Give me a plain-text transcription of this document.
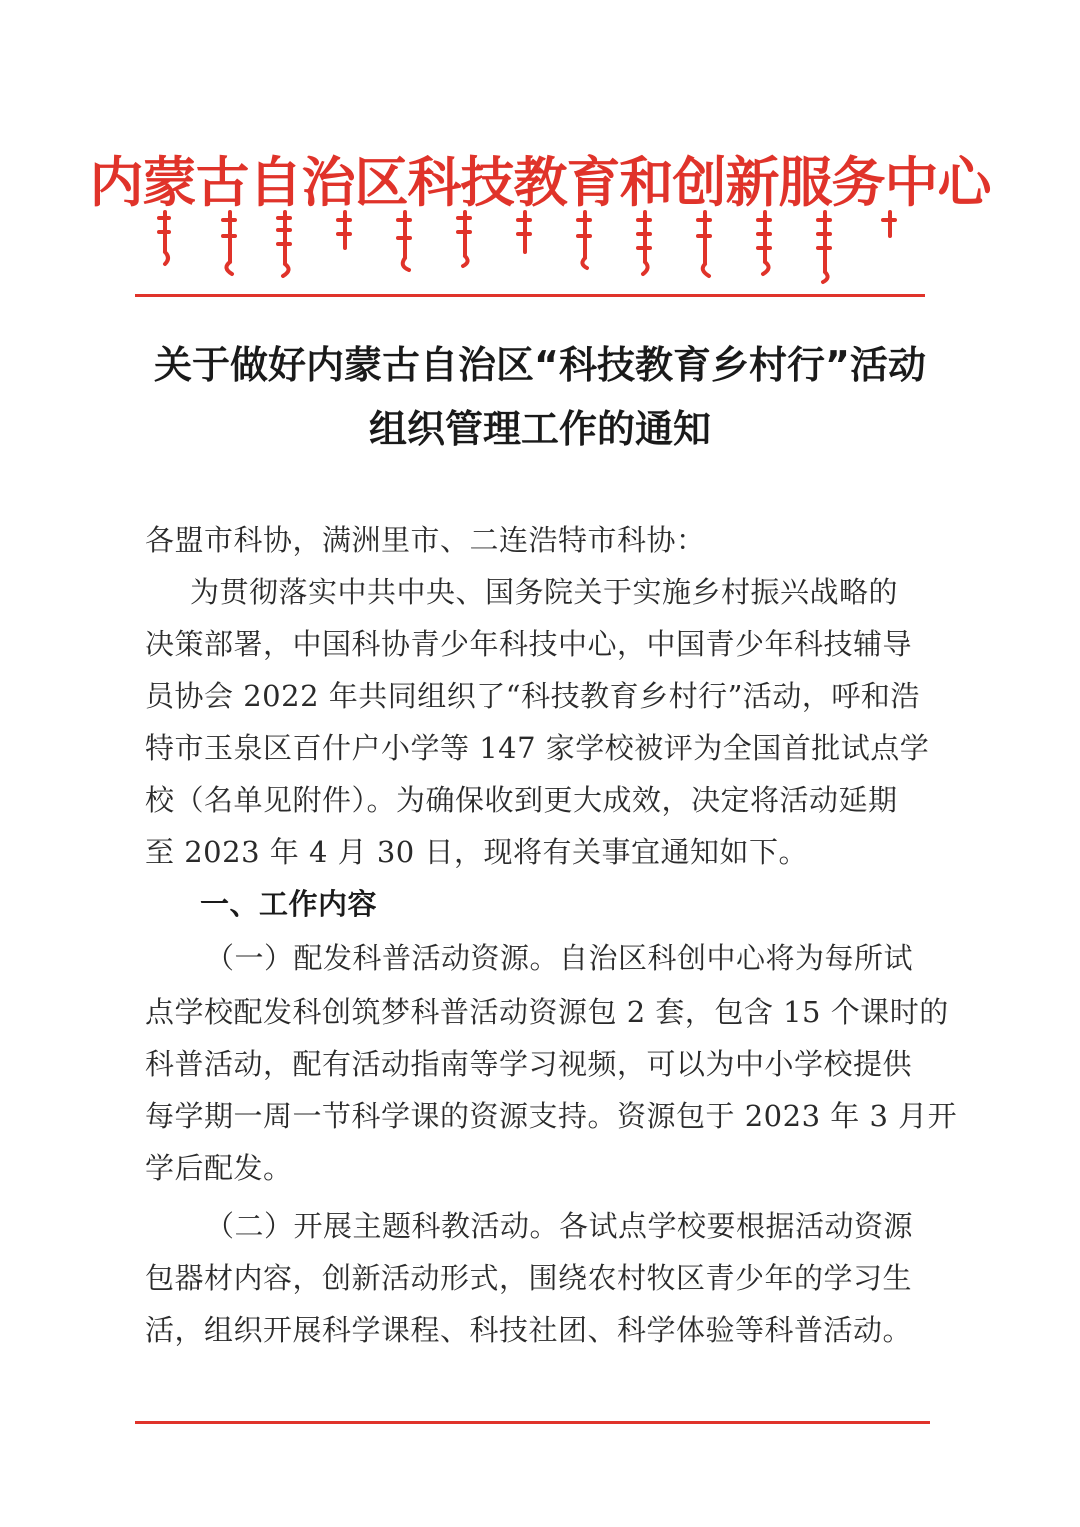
内蒙古自治区科技教育和创新服务中心
关于做好内蒙古自治区“科技教育乡村行”活动
组织管理工作的通知
各盟市科协，满洲里市、二连浩特市科协：
为贯彻落实中共中央、国务院关于实施乡村振兴战略的
决策部署，中国科协青少年科技中心，中国青少年科技辅导
员协会 2022 年共同组织了“科技教育乡村行”活动，呼和浩
特市玉泉区百什户小学等 147 家学校被评为全国首批试点学
校（名单见附件）。为确保收到更大成效，决定将活动延期
至 2023 年 4 月 30 日，现将有关事宜通知如下。
一、工作内容
（一）配发科普活动资源。自治区科创中心将为每所试
点学校配发科创筑梦科普活动资源包 2 套，包含 15 个课时的
科普活动，配有活动指南等学习视频，可以为中小学校提供
每学期一周一节科学课的资源支持。资源包于 2023 年 3 月开
学后配发。
（二）开展主题科教活动。各试点学校要根据活动资源
包器材内容，创新活动形式，围绕农村牧区青少年的学习生
活，组织开展科学课程、科技社团、科学体验等科普活动。
